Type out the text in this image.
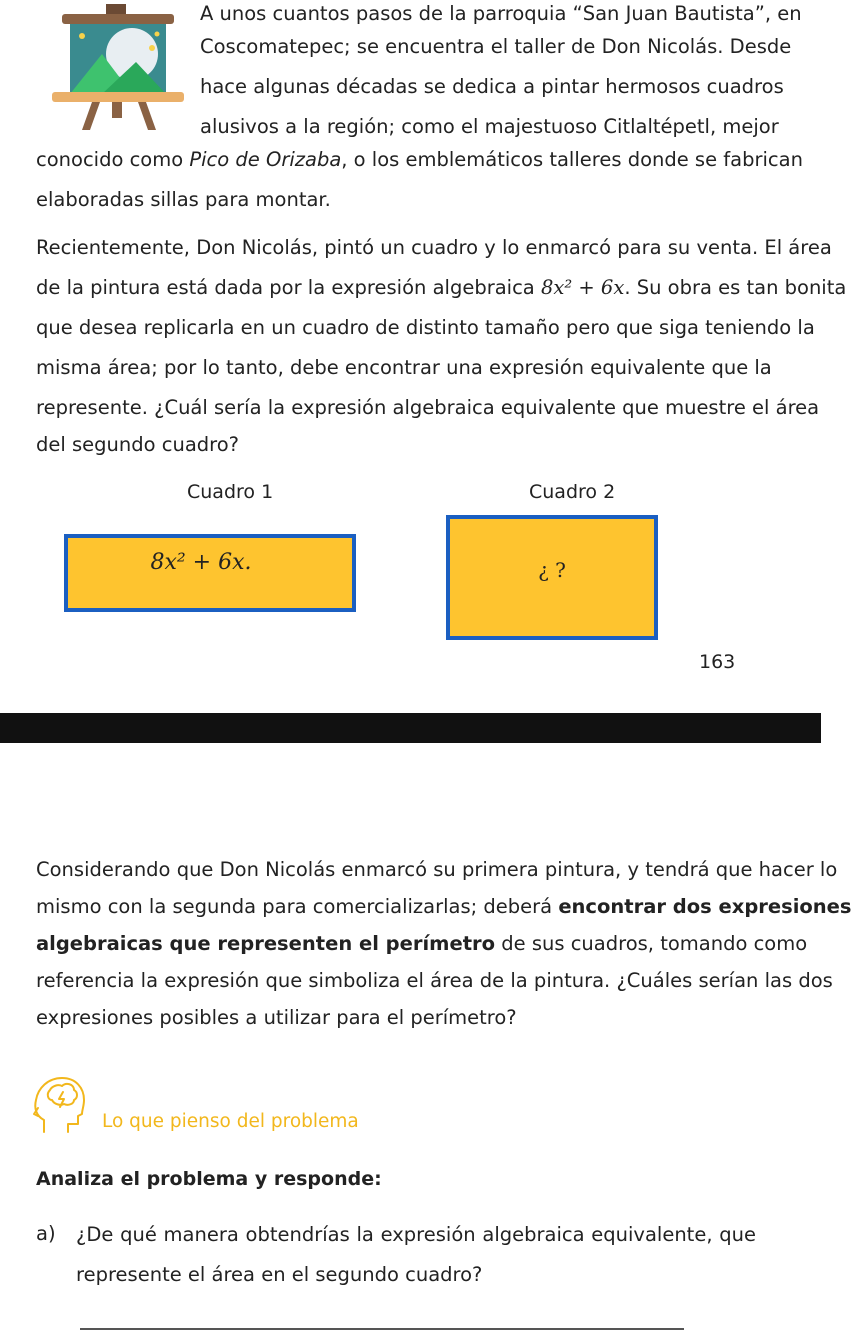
A unos cuantos pasos de la parroquia “San Juan Bautista”, en
Coscomatepec; se encuentra el taller de Don Nicolás. Desde
hace algunas décadas se dedica a pintar hermosos cuadros
alusivos a la región; como el majestuoso Citlaltépetl, mejor
conocido como Pico de Orizaba, o los emblemáticos talleres donde se fabrican
elaboradas sillas para montar.
Recientemente, Don Nicolás, pintó un cuadro y lo enmarcó para su venta. El área
de la pintura está dada por la expresión algebraica 8x² + 6x. Su obra es tan bonita
que desea replicarla en un cuadro de distinto tamaño pero que siga teniendo la
misma área; por lo tanto, debe encontrar una expresión equivalente que la
represente. ¿Cuál sería la expresión algebraica equivalente que muestre el área
del segundo cuadro?
Cuadro 1	Cuadro 2
8x² + 6x.	¿ ?
163
Considerando que Don Nicolás enmarcó su primera pintura, y tendrá que hacer lo
mismo con la segunda para comercializarlas; deberá encontrar dos expresiones
algebraicas que representen el perímetro de sus cuadros, tomando como
referencia la expresión que simboliza el área de la pintura. ¿Cuáles serían las dos
expresiones posibles a utilizar para el perímetro?
Lo que pienso del problema
Analiza el problema y responde:
a) ¿De qué manera obtendrías la expresión algebraica equivalente, que
represente el área en el segundo cuadro?
